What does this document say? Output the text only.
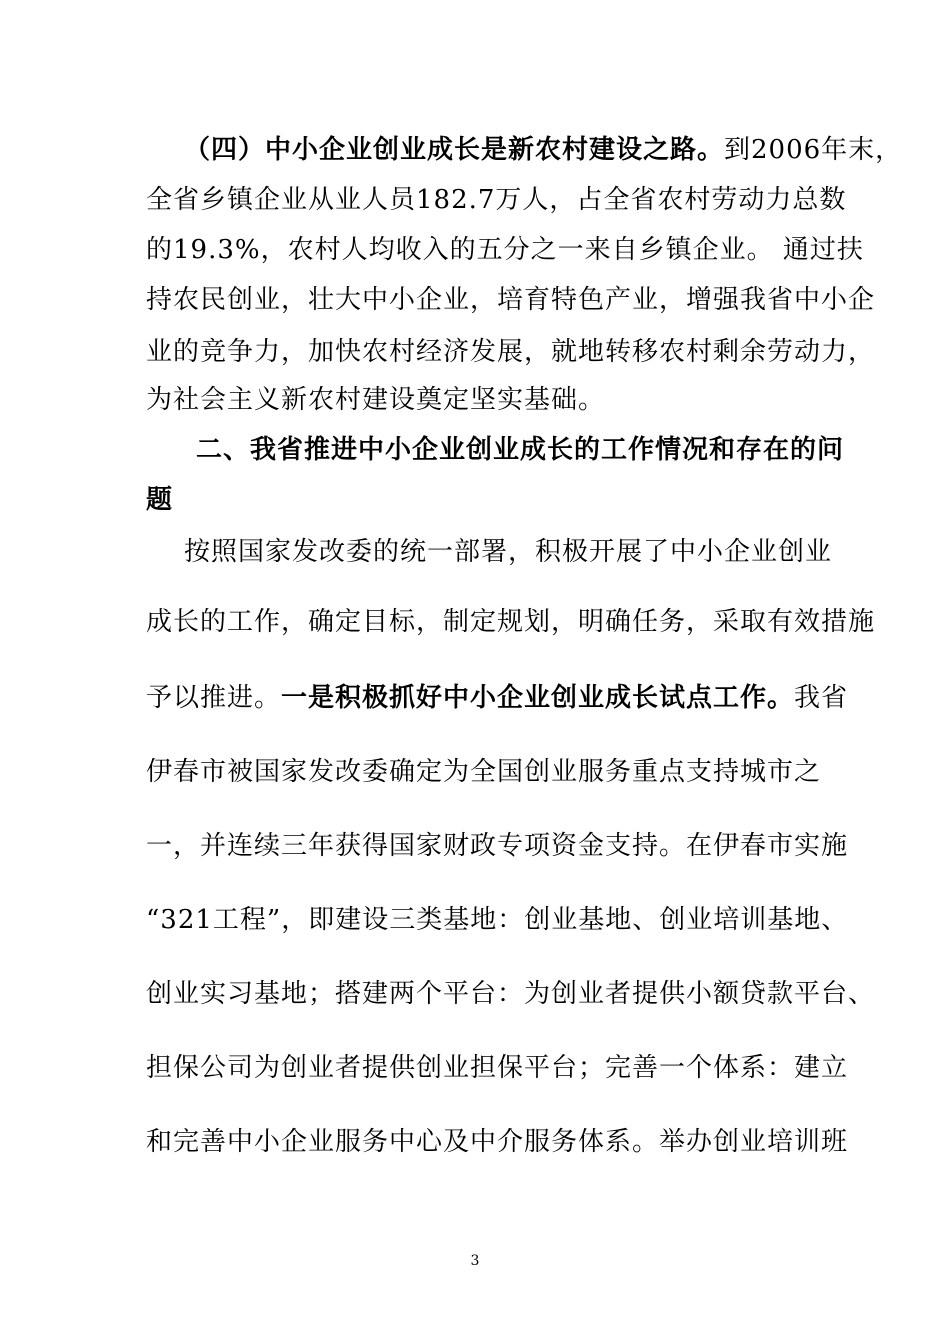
（四）中小企业创业成长是新农村建设之路。到2006年末，
全省乡镇企业从业人员182.7万人，占全省农村劳动力总数
的19.3%，农村人均收入的五分之一来自乡镇企业。 通过扶
持农民创业，壮大中小企业，培育特色产业，增强我省中小企
业的竞争力，加快农村经济发展，就地转移农村剩余劳动力，
为社会主义新农村建设奠定坚实基础。
二、我省推进中小企业创业成长的工作情况和存在的问
题
按照国家发改委的统一部署，积极开展了中小企业创业
成长的工作，确定目标，制定规划，明确任务，采取有效措施
予以推进。一是积极抓好中小企业创业成长试点工作。我省
伊春市被国家发改委确定为全国创业服务重点支持城市之
一，并连续三年获得国家财政专项资金支持。在伊春市实施
“321工程”，即建设三类基地：创业基地、创业培训基地、
创业实习基地；搭建两个平台：为创业者提供小额贷款平台、
担保公司为创业者提供创业担保平台；完善一个体系：建立
和完善中小企业服务中心及中介服务体系。举办创业培训班
3
